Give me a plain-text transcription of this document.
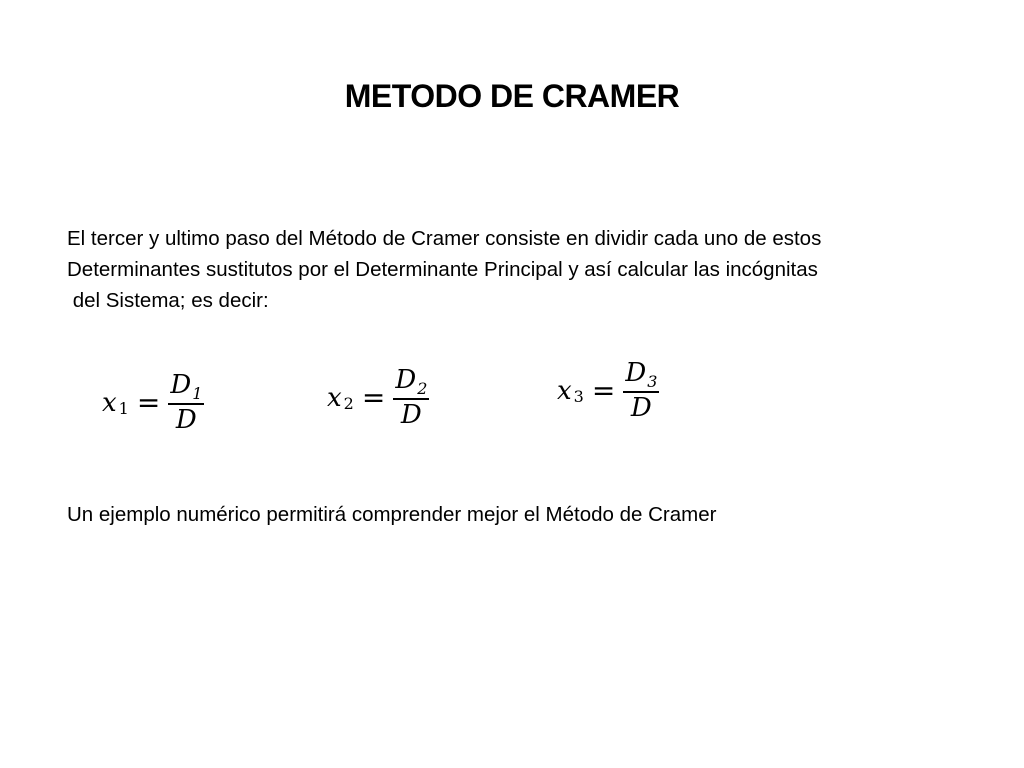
METODO DE CRAMER
El tercer y ultimo paso del Método de Cramer consiste en dividir cada uno de estos
Determinantes sustitutos por el Determinante Principal y así calcular las incógnitas
del Sistema; es decir:
x $1 = \frac{D_1}{D}$	x $2 = \frac{D_2}{D}$	x $3 = \frac{D_3}{D}$
Un ejemplo numérico permitirá comprender mejor el Método de Cramer
